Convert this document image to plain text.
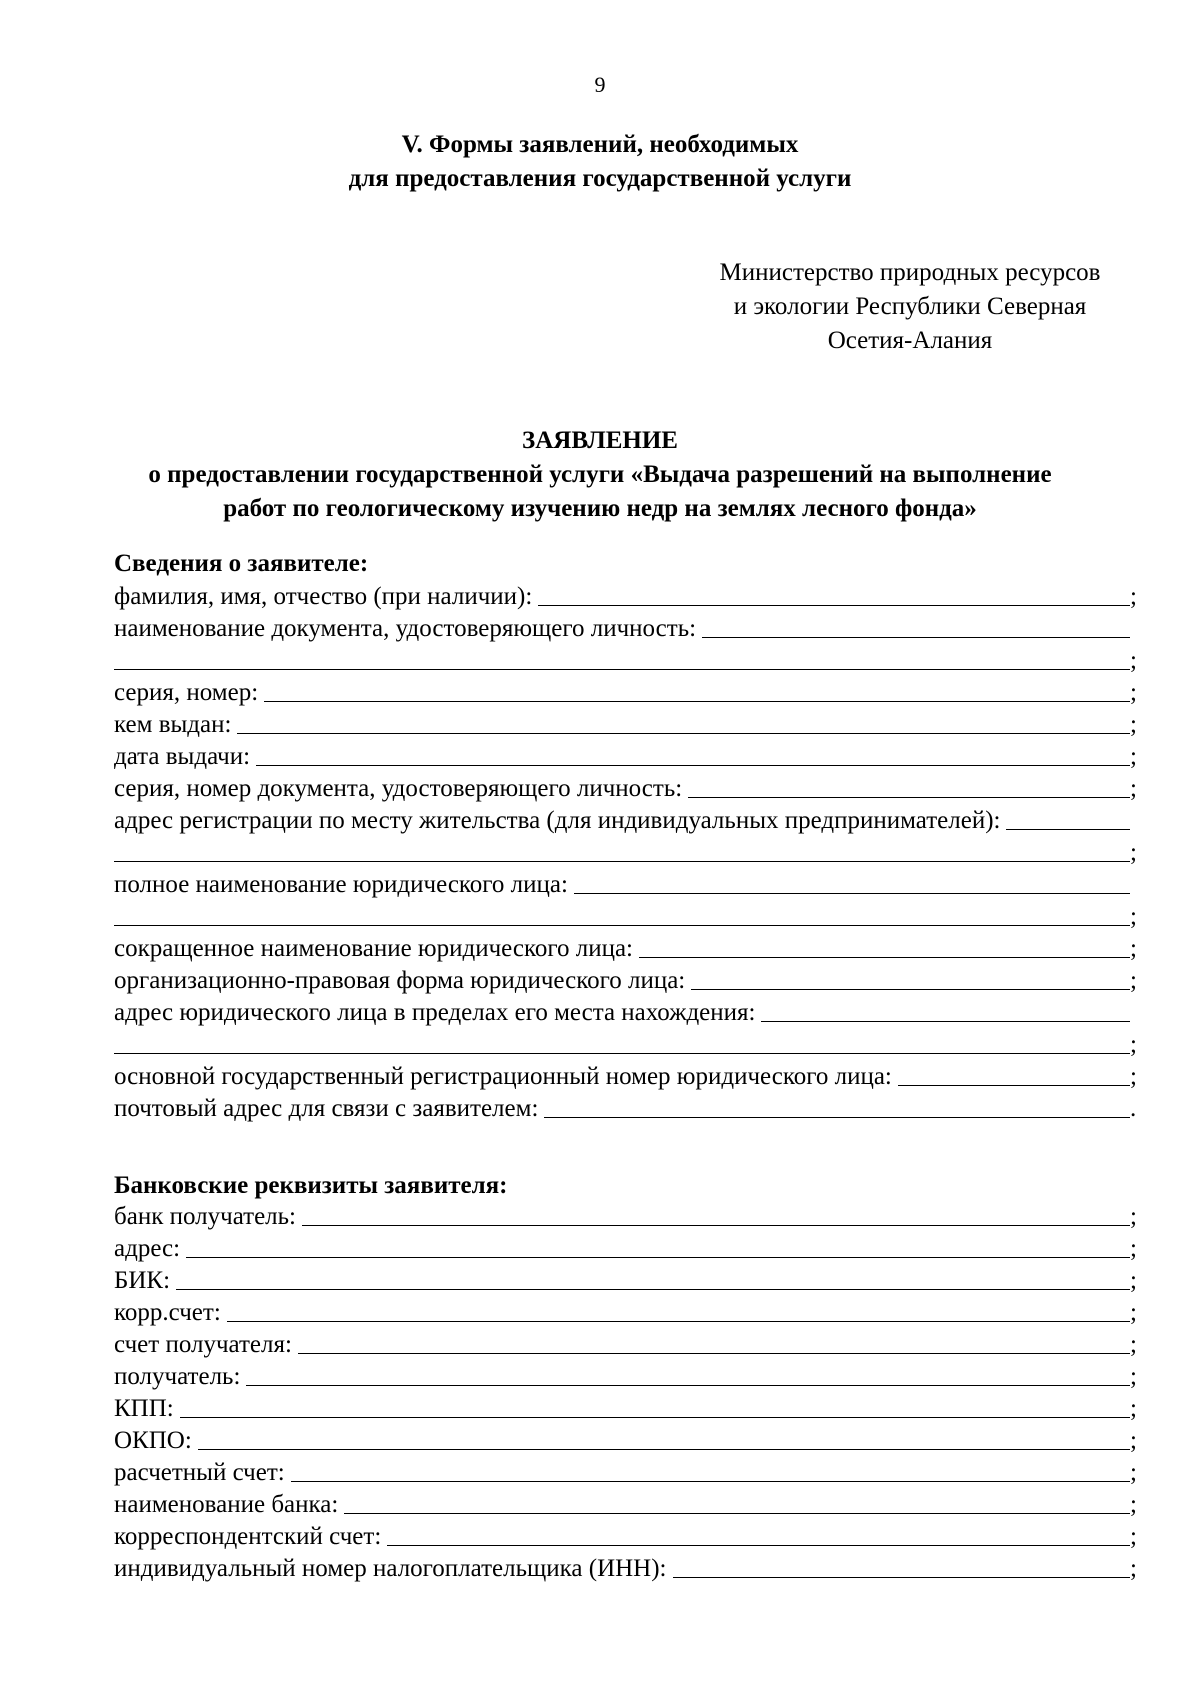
9
V. Формы заявлений, необходимых
для предоставления государственной услуги
Министерство природных ресурсов
и экологии Республики Северная
Осетия-Алания
ЗАЯВЛЕНИЕ
о предоставлении государственной услуги «Выдача разрешений на выполнение
работ по геологическому изучению недр на землях лесного фонда»
Сведения о заявителе:
фамилия, имя, отчество (при наличии):	;
наименование документа, удостоверяющего личность:
;
серия, номер:	;
кем выдан:	;
дата выдачи:	;
серия, номер документа, удостоверяющего личность:	;
адрес регистрации по месту жительства (для индивидуальных предпринимателей):
;
полное наименование юридического лица:
;
сокращенное наименование юридического лица:	;
организационно-правовая форма юридического лица:	;
адрес юридического лица в пределах его места нахождения:
;
основной государственный регистрационный номер юридического лица:	;
почтовый адрес для связи с заявителем:	.
Банковские реквизиты заявителя:
банк получатель:	;
адрес:	;
БИК:	;
корр.счет:	;
счет получателя:	;
получатель:	;
КПП:	;
ОКПО:	;
расчетный счет:	;
наименование банка:	;
корреспондентский счет:	;
индивидуальный номер налогоплательщика (ИНН):	;
